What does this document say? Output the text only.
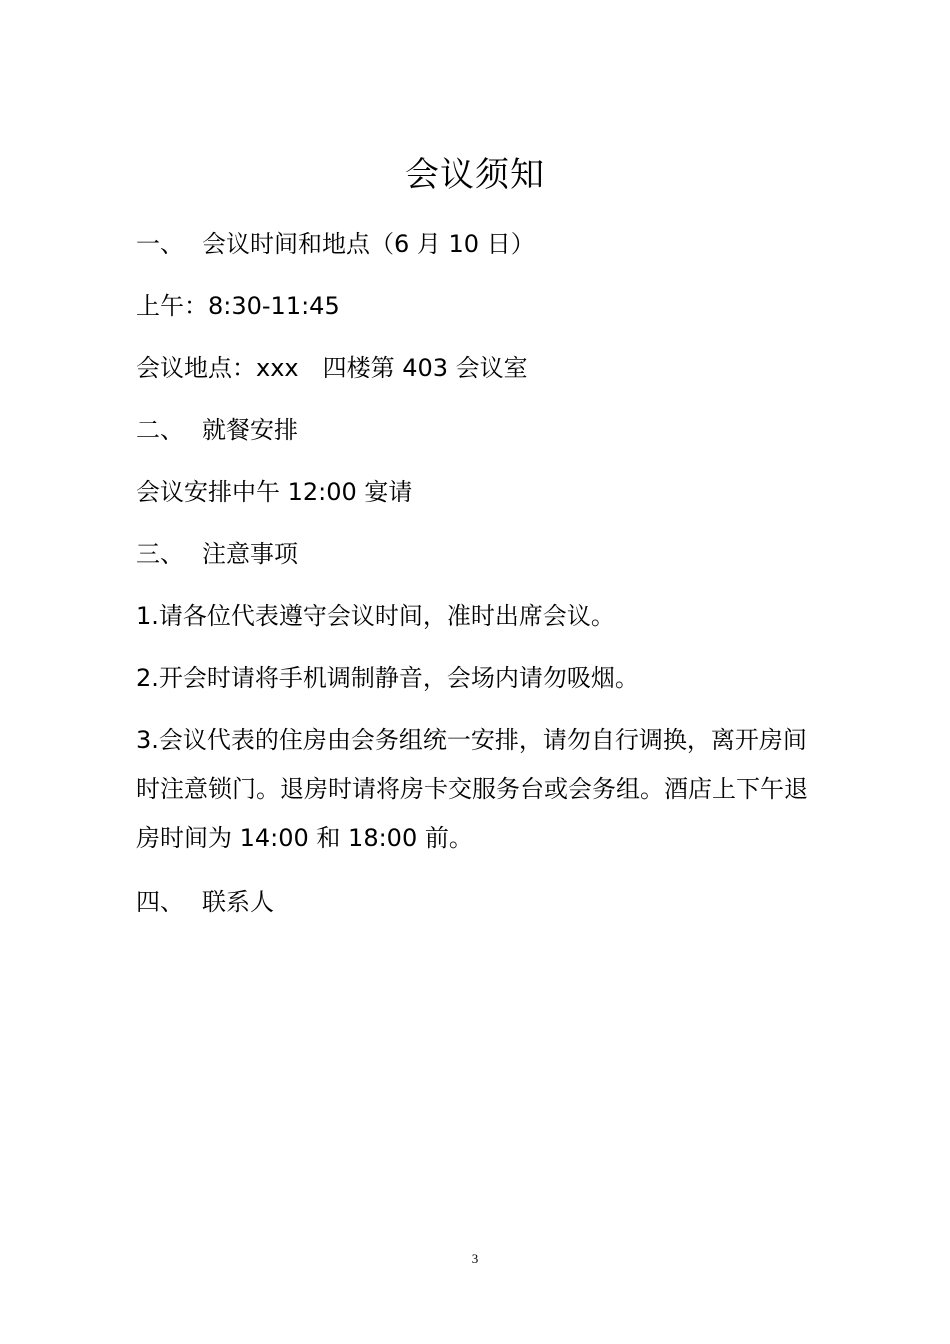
会议须知
一、 会议时间和地点（6 月 10 日）
上午：8:30-11:45
会议地点：xxx　四楼第 403 会议室
二、 就餐安排
会议安排中午 12:00 宴请
三、 注意事项
1.请各位代表遵守会议时间，准时出席会议。
2.开会时请将手机调制静音，会场内请勿吸烟。
3.会议代表的住房由会务组统一安排，请勿自行调换，离开房间时注意锁门。退房时请将房卡交服务台或会务组。酒店上下午退房时间为 14:00 和 18:00 前。
四、 联系人
3
